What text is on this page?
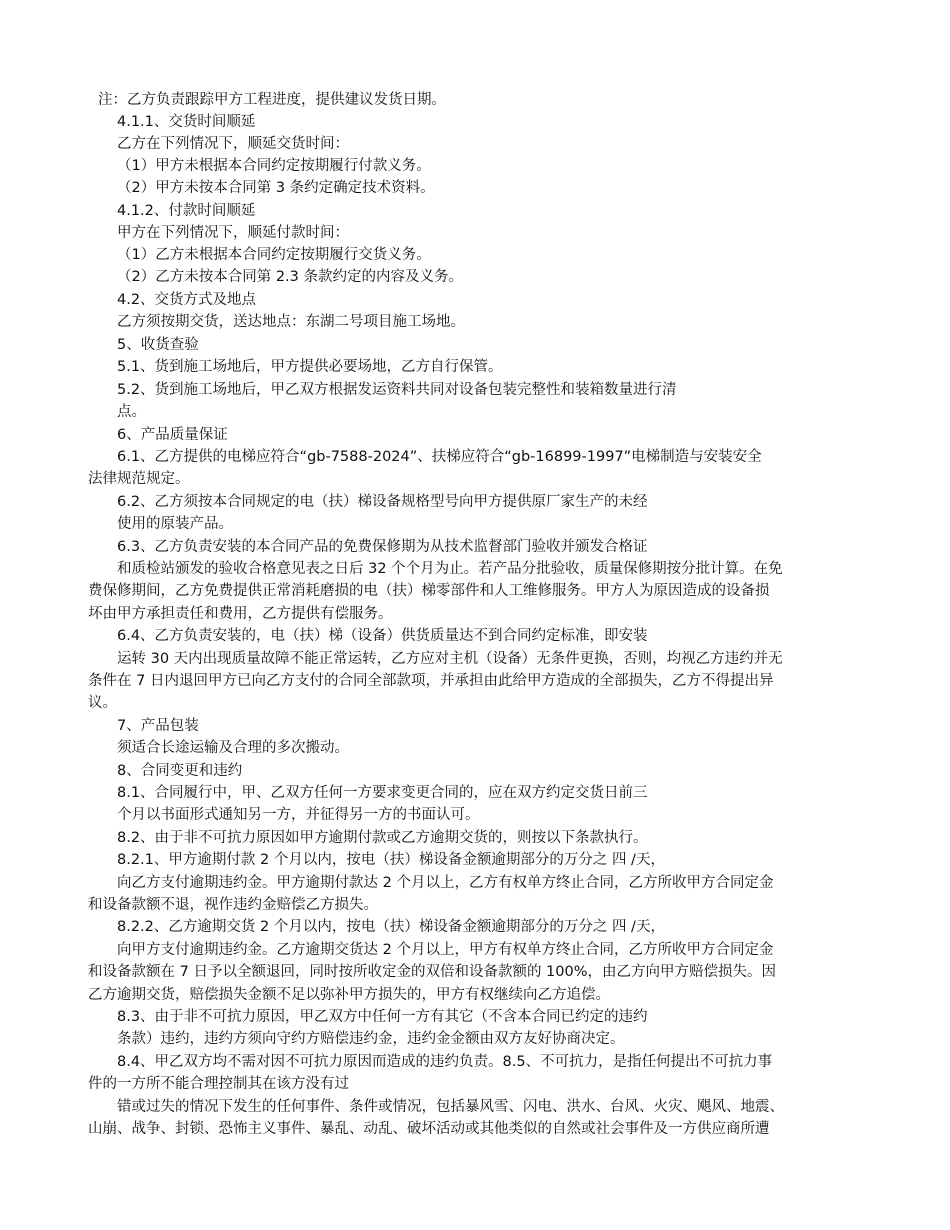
注：乙方负责跟踪甲方工程进度，提供建议发货日期。
4.1.1、交货时间顺延
乙方在下列情况下，顺延交货时间：
（1）甲方未根据本合同约定按期履行付款义务。
（2）甲方未按本合同第 3 条约定确定技术资料。
4.1.2、付款时间顺延
甲方在下列情况下，顺延付款时间：
（1）乙方未根据本合同约定按期履行交货义务。
（2）乙方未按本合同第 2.3 条款约定的内容及义务。
4.2、交货方式及地点
乙方须按期交货，送达地点：东湖二号项目施工场地。
5、收货查验
5.1、货到施工场地后，甲方提供必要场地，乙方自行保管。
5.2、货到施工场地后，甲乙双方根据发运资料共同对设备包装完整性和装箱数量进行清
点。
6、产品质量保证
6.1、乙方提供的电梯应符合“gb-7588-2024”、扶梯应符合“gb-16899-1997”电梯制造与安装安全
法律规范规定。
6.2、乙方须按本合同规定的电（扶）梯设备规格型号向甲方提供原厂家生产的未经
使用的原装产品。
6.3、乙方负责安装的本合同产品的免费保修期为从技术监督部门验收并颁发合格证
和质检站颁发的验收合格意见表之日后 32 个个月为止。若产品分批验收，质量保修期按分批计算。在免
费保修期间，乙方免费提供正常消耗磨损的电（扶）梯零部件和人工维修服务。甲方人为原因造成的设备损
坏由甲方承担责任和费用，乙方提供有偿服务。
6.4、乙方负责安装的，电（扶）梯（设备）供货质量达不到合同约定标准，即安装
运转 30 天内出现质量故障不能正常运转，乙方应对主机（设备）无条件更换，否则，均视乙方违约并无
条件在 7 日内退回甲方已向乙方支付的合同全部款项，并承担由此给甲方造成的全部损失，乙方不得提出异
议。
7、产品包装
须适合长途运输及合理的多次搬动。
8、合同变更和违约
8.1、合同履行中，甲、乙双方任何一方要求变更合同的，应在双方约定交货日前三
个月以书面形式通知另一方，并征得另一方的书面认可。
8.2、由于非不可抗力原因如甲方逾期付款或乙方逾期交货的，则按以下条款执行。
8.2.1、甲方逾期付款 2 个月以内，按电（扶）梯设备金额逾期部分的万分之 四 /天，
向乙方支付逾期违约金。甲方逾期付款达 2 个月以上，乙方有权单方终止合同，乙方所收甲方合同定金
和设备款额不退，视作违约金赔偿乙方损失。
8.2.2、乙方逾期交货 2 个月以内，按电（扶）梯设备金额逾期部分的万分之 四 /天，
向甲方支付逾期违约金。乙方逾期交货达 2 个月以上，甲方有权单方终止合同，乙方所收甲方合同定金
和设备款额在 7 日予以全额退回，同时按所收定金的双倍和设备款额的 100%，由乙方向甲方赔偿损失。因
乙方逾期交货，赔偿损失金额不足以弥补甲方损失的，甲方有权继续向乙方追偿。
8.3、由于非不可抗力原因，甲乙双方中任何一方有其它（不含本合同已约定的违约
条款）违约，违约方须向守约方赔偿违约金，违约金金额由双方友好协商决定。
8.4、甲乙双方均不需对因不可抗力原因而造成的违约负责。8.5、不可抗力，是指任何提出不可抗力事
件的一方所不能合理控制其在该方没有过
错或过失的情况下发生的任何事件、条件或情况，包括暴风雪、闪电、洪水、台风、火灾、飓风、地震、
山崩、战争、封锁、恐怖主义事件、暴乱、动乱、破坏活动或其他类似的自然或社会事件及一方供应商所遭
